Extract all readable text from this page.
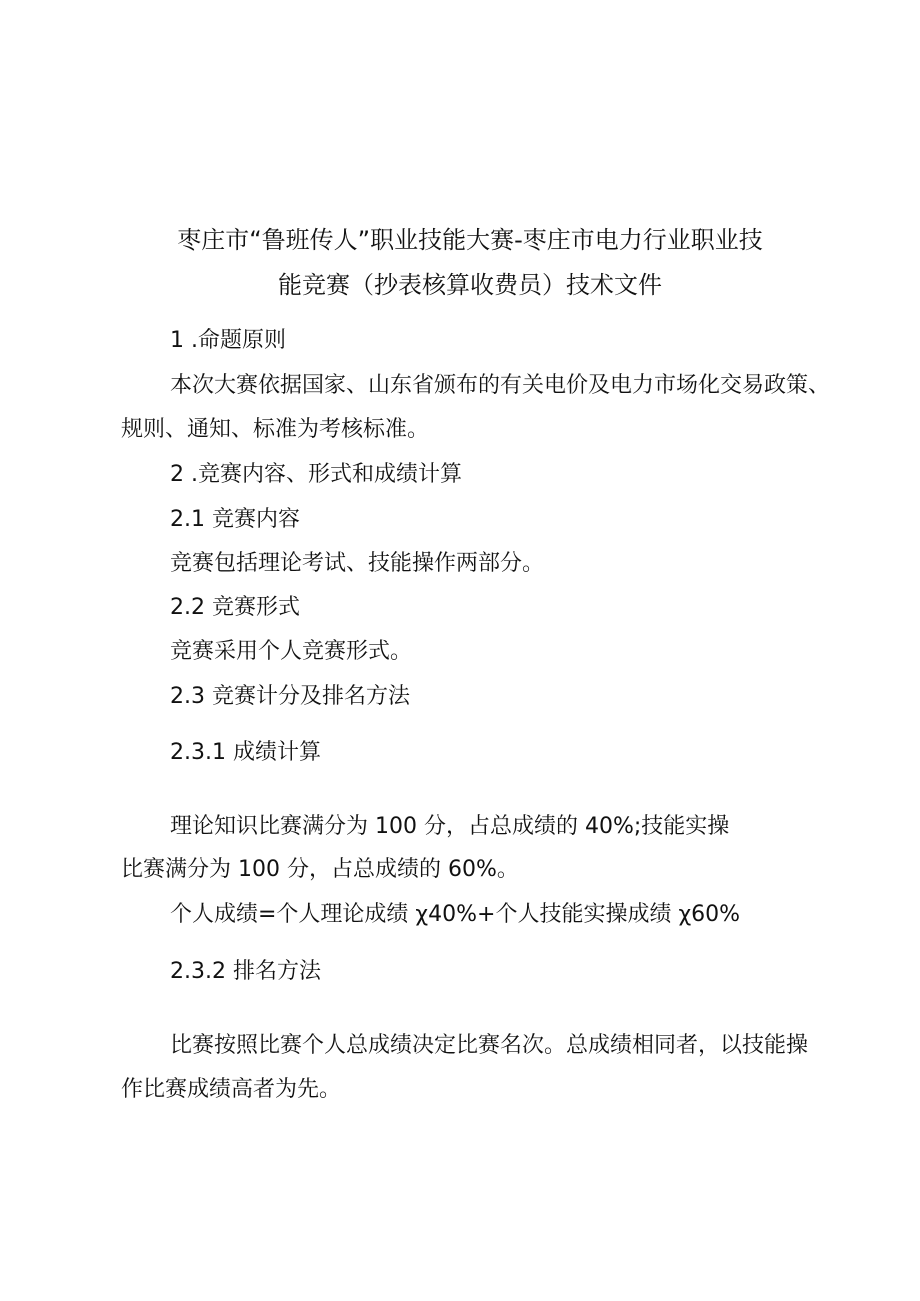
枣庄市“鲁班传人”职业技能大赛-枣庄市电力行业职业技
能竞赛（抄表核算收费员）技术文件
1 .命题原则
本次大赛依据国家、山东省颁布的有关电价及电力市场化交易政策、
规则、通知、标准为考核标准。
2 .竞赛内容、形式和成绩计算
2.1 竞赛内容
竞赛包括理论考试、技能操作两部分。
2.2 竞赛形式
竞赛采用个人竞赛形式。
2.3 竞赛计分及排名方法
2.3.1 成绩计算
理论知识比赛满分为 100 分，占总成绩的 40%;技能实操
比赛满分为 100 分，占总成绩的 60%。
个人成绩=个人理论成绩 χ40%+个人技能实操成绩 χ60%
2.3.2 排名方法
比赛按照比赛个人总成绩决定比赛名次。总成绩相同者，以技能操
作比赛成绩高者为先。
